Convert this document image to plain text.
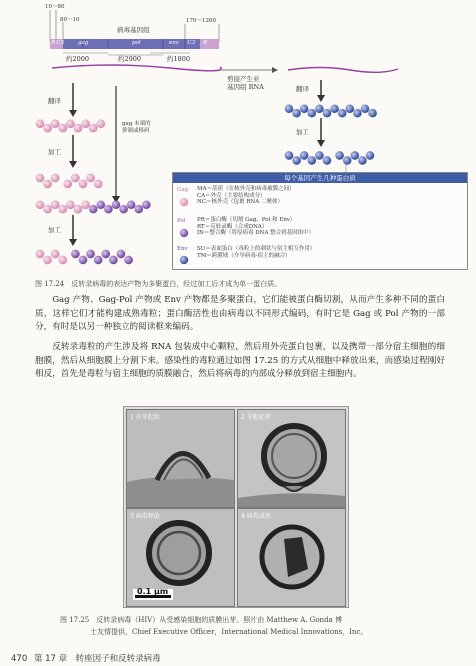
10～80
80～10
病毒基因组
170～1260
R U5	gag	pol	env U3 R
约2000	约2900	约1800
剪接产生亚
基因组 RNA
翻译
加工
加工
gag 末端的
抑制或移码
翻译
加工
每个基因产生几种蛋白质
Gag MA＝基质（在核外壳和病毒被膜之间）
CA＝外壳（主要结构成分）
NC＝核外壳（包裹 RNA 二聚体）
Pol PR＝蛋白酶（切割 Gag、Pol 和 Env）
RT＝反转录酶（合成DNA）
IN＝整合酶（将原病毒 DNA 整合到基因组中）
Env SU＝表面蛋白（毒粒上的刺状与宿主相互作用）
TM＝跨膜域（介导病毒-宿主的融合）
图 17.24　反转录病毒的表达产物为多聚蛋白，经过加工后才成为单一蛋白质。
Gag 产物、Gag-Pol 产物或 Env 产物都是多聚蛋白，它们能被蛋白酶切割，从而产生多种不同的蛋白质，这样它们才能构建成熟毒粒；蛋白酶活性也由病毒以不同形式编码，有时它是 Gag 或 Pol 产物的一部分，有时是以另一种独立的阅读框来编码。
反转录毒粒的产生涉及将 RNA 包装成中心颗粒，然后用外壳蛋白包裹，以及携带一部分宿主细胞的细胞膜，然后从细胞膜上分割下来。感染性的毒粒通过如图 17.25 的方式从细胞中释放出来，而感染过程刚好相反，首先是毒粒与宿主细胞的质膜融合，然后将病毒的内部成分释放到宿主细胞内。
1 出芽起始	2 芽胞延伸
3 病毒释放
0.1 μm
4 病毒成熟
图 17.25　反转录病毒（HIV）从受感染细胞的质膜出芽。照片由 Matthew A. Gonda 博
士友情提供，Chief Executive Officer，International Medical Innovations，Inc。
470 第 17 章　转座因子和反转录病毒
